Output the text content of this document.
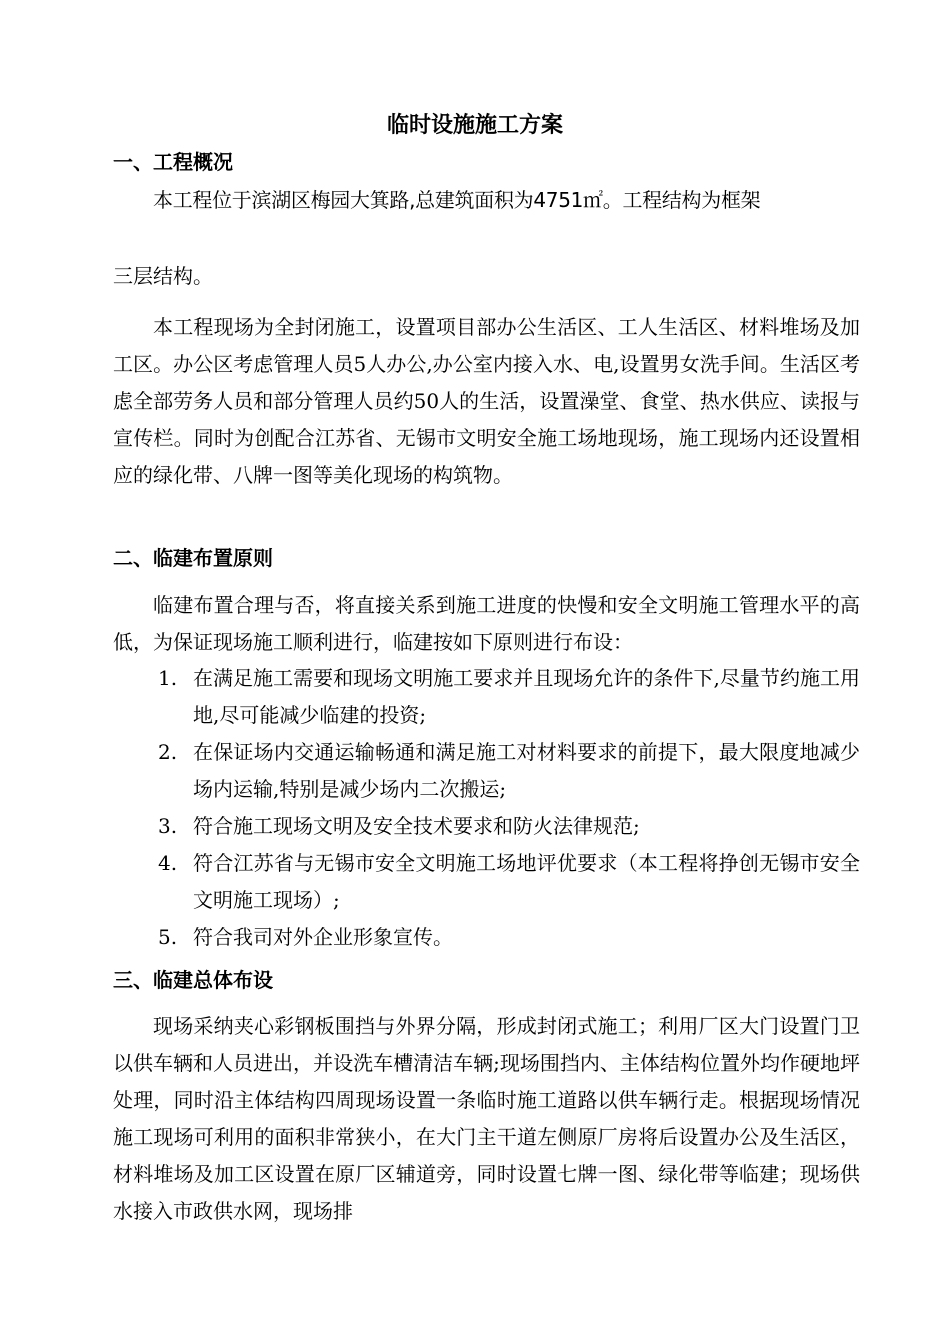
临时设施施工方案
一、工程概况

本工程位于滨湖区梅园大箕路,总建筑面积为4751㎡。工程结构为框架

三层结构。

本工程现场为全封闭施工，设置项目部办公生活区、工人生活区、材料堆场及加工区。办公区考虑管理人员5人办公,办公室内接入水、电,设置男女洗手间。生活区考虑全部劳务人员和部分管理人员约50人的生活，设置澡堂、食堂、热水供应、读报与宣传栏。同时为创配合江苏省、无锡市文明安全施工场地现场，施工现场内还设置相应的绿化带、八牌一图等美化现场的构筑物。

二、临建布置原则

临建布置合理与否，将直接关系到施工进度的快慢和安全文明施工管理水平的高低，为保证现场施工顺利进行，临建按如下原则进行布设：

1. 在满足施工需要和现场文明施工要求并且现场允许的条件下,尽量节约施工用地,尽可能减少临建的投资;
2. 在保证场内交通运输畅通和满足施工对材料要求的前提下，最大限度地减少场内运输,特别是减少场内二次搬运;
3. 符合施工现场文明及安全技术要求和防火法律规范;
4. 符合江苏省与无锡市安全文明施工场地评优要求（本工程将挣创无锡市安全文明施工现场）;
5. 符合我司对外企业形象宣传。
三、临建总体布设

现场采纳夹心彩钢板围挡与外界分隔，形成封闭式施工；利用厂区大门设置门卫以供车辆和人员进出，并设洗车槽清洁车辆;现场围挡内、主体结构位置外均作硬地坪处理，同时沿主体结构四周现场设置一条临时施工道路以供车辆行走。根据现场情况施工现场可利用的面积非常狭小，在大门主干道左侧原厂房将后设置办公及生活区，材料堆场及加工区设置在原厂区辅道旁，同时设置七牌一图、绿化带等临建；现场供水接入市政供水网，现场排
